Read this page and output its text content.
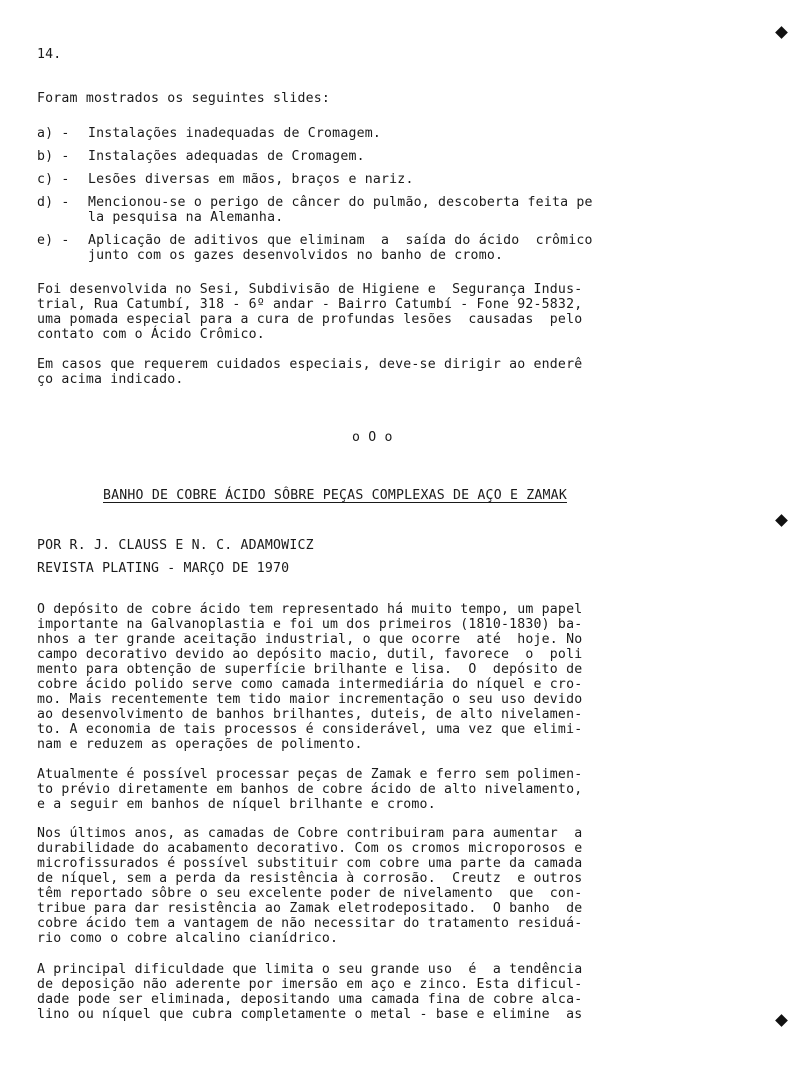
14.
Foram mostrados os seguintes slides:
a) - Instalações inadequadas de Cromagem.
b) - Instalações adequadas de Cromagem.
c) - Lesões diversas em mãos, braços e nariz.
d) - Mencionou-se o perigo de câncer do pulmão, descoberta feita pe
la pesquisa na Alemanha.
e) - Aplicação de aditivos que eliminam  a  saída do ácido  crômico
junto com os gazes desenvolvidos no banho de cromo.
Foi desenvolvida no Sesi, Subdivisão de Higiene e  Segurança Indus-
trial, Rua Catumbí, 318 - 6º andar - Bairro Catumbí - Fone 92-5832,
uma pomada especial para a cura de profundas lesões  causadas  pelo
contato com o Ácido Crômico.
Em casos que requerem cuidados especiais, deve-se dirigir ao enderê
ço acima indicado.
o O o
BANHO DE COBRE ÁCIDO SÔBRE PEÇAS COMPLEXAS DE AÇO E ZAMAK
POR R. J. CLAUSS E N. C. ADAMOWICZ
REVISTA PLATING - MARÇO DE 1970
O depósito de cobre ácido tem representado há muito tempo, um papel
importante na Galvanoplastia e foi um dos primeiros (1810-1830) ba-
nhos a ter grande aceitação industrial, o que ocorre  até  hoje. No
campo decorativo devido ao depósito macio, dutil, favorece  o  poli
mento para obtenção de superfície brilhante e lisa.  O  depósito de
cobre ácido polido serve como camada intermediária do níquel e cro-
mo. Mais recentemente tem tido maior incrementação o seu uso devido
ao desenvolvimento de banhos brilhantes, duteis, de alto nivelamen-
to. A economia de tais processos é considerável, uma vez que elimi-
nam e reduzem as operações de polimento.
Atualmente é possível processar peças de Zamak e ferro sem polimen-
to prévio diretamente em banhos de cobre ácido de alto nivelamento,
e a seguir em banhos de níquel brilhante e cromo.
Nos últimos anos, as camadas de Cobre contribuiram para aumentar  a
durabilidade do acabamento decorativo. Com os cromos microporosos e
microfissurados é possível substituir com cobre uma parte da camada
de níquel, sem a perda da resistência à corrosão.  Creutz  e outros
têm reportado sôbre o seu excelente poder de nivelamento  que  con-
tribue para dar resistência ao Zamak eletrodepositado.  O banho  de
cobre ácido tem a vantagem de não necessitar do tratamento residuá-
rio como o cobre alcalino cianídrico.
A principal dificuldade que limita o seu grande uso  é  a tendência
de deposição não aderente por imersão em aço e zinco. Esta dificul-
dade pode ser eliminada, depositando uma camada fina de cobre alca-
lino ou níquel que cubra completamente o metal - base e elimine  as
